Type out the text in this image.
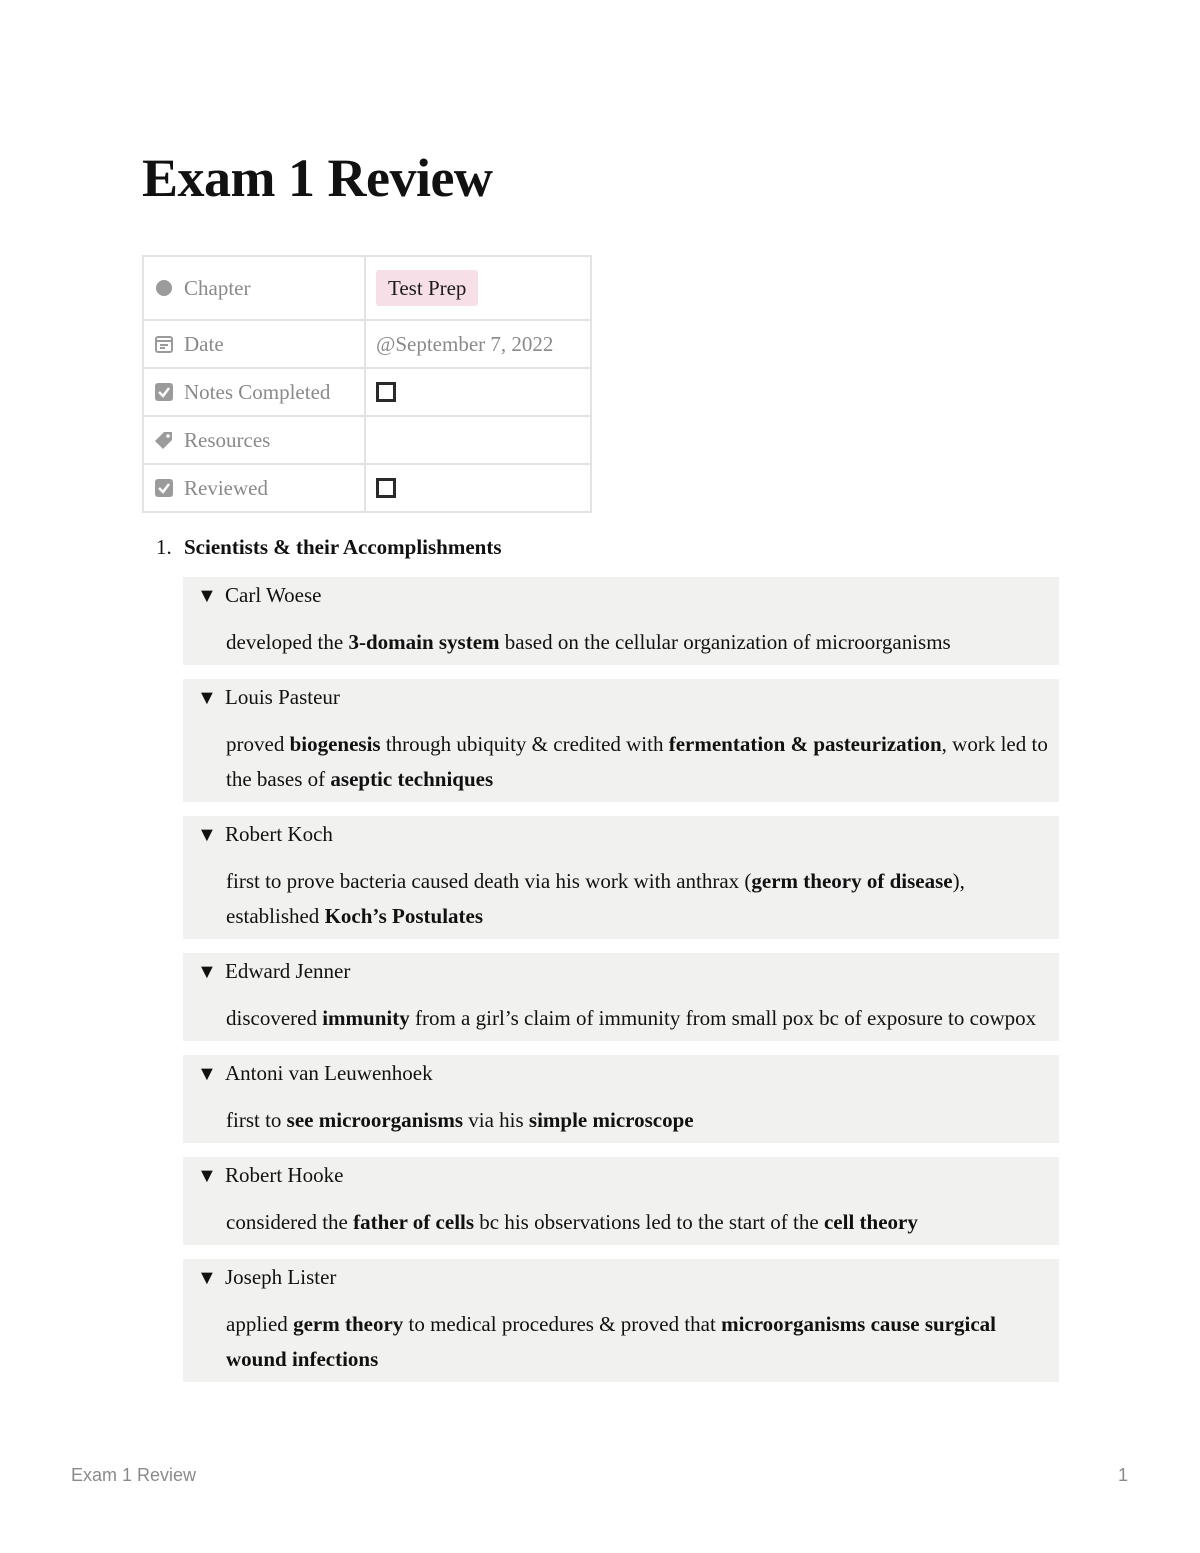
Exam 1 Review
Chapter	Test Prep

Date	@September 7, 2022

Notes Completed	

Resources	

Reviewed	
1. Scientists & their Accomplishments
▼ Carl Woese
developed the 3-domain system based on the cellular organization of microorganisms
▼ Louis Pasteur
proved biogenesis through ubiquity & credited with fermentation & pasteurization, work led to the bases of aseptic techniques
▼ Robert Koch
first to prove bacteria caused death via his work with anthrax (germ theory of disease), established Koch’s Postulates
▼ Edward Jenner
discovered immunity from a girl’s claim of immunity from small pox bc of exposure to cowpox
▼ Antoni van Leuwenhoek
first to see microorganisms via his simple microscope
▼ Robert Hooke
considered the father of cells bc his observations led to the start of the cell theory
▼ Joseph Lister
applied germ theory to medical procedures & proved that microorganisms cause surgical wound infections
Exam 1 Review	1
